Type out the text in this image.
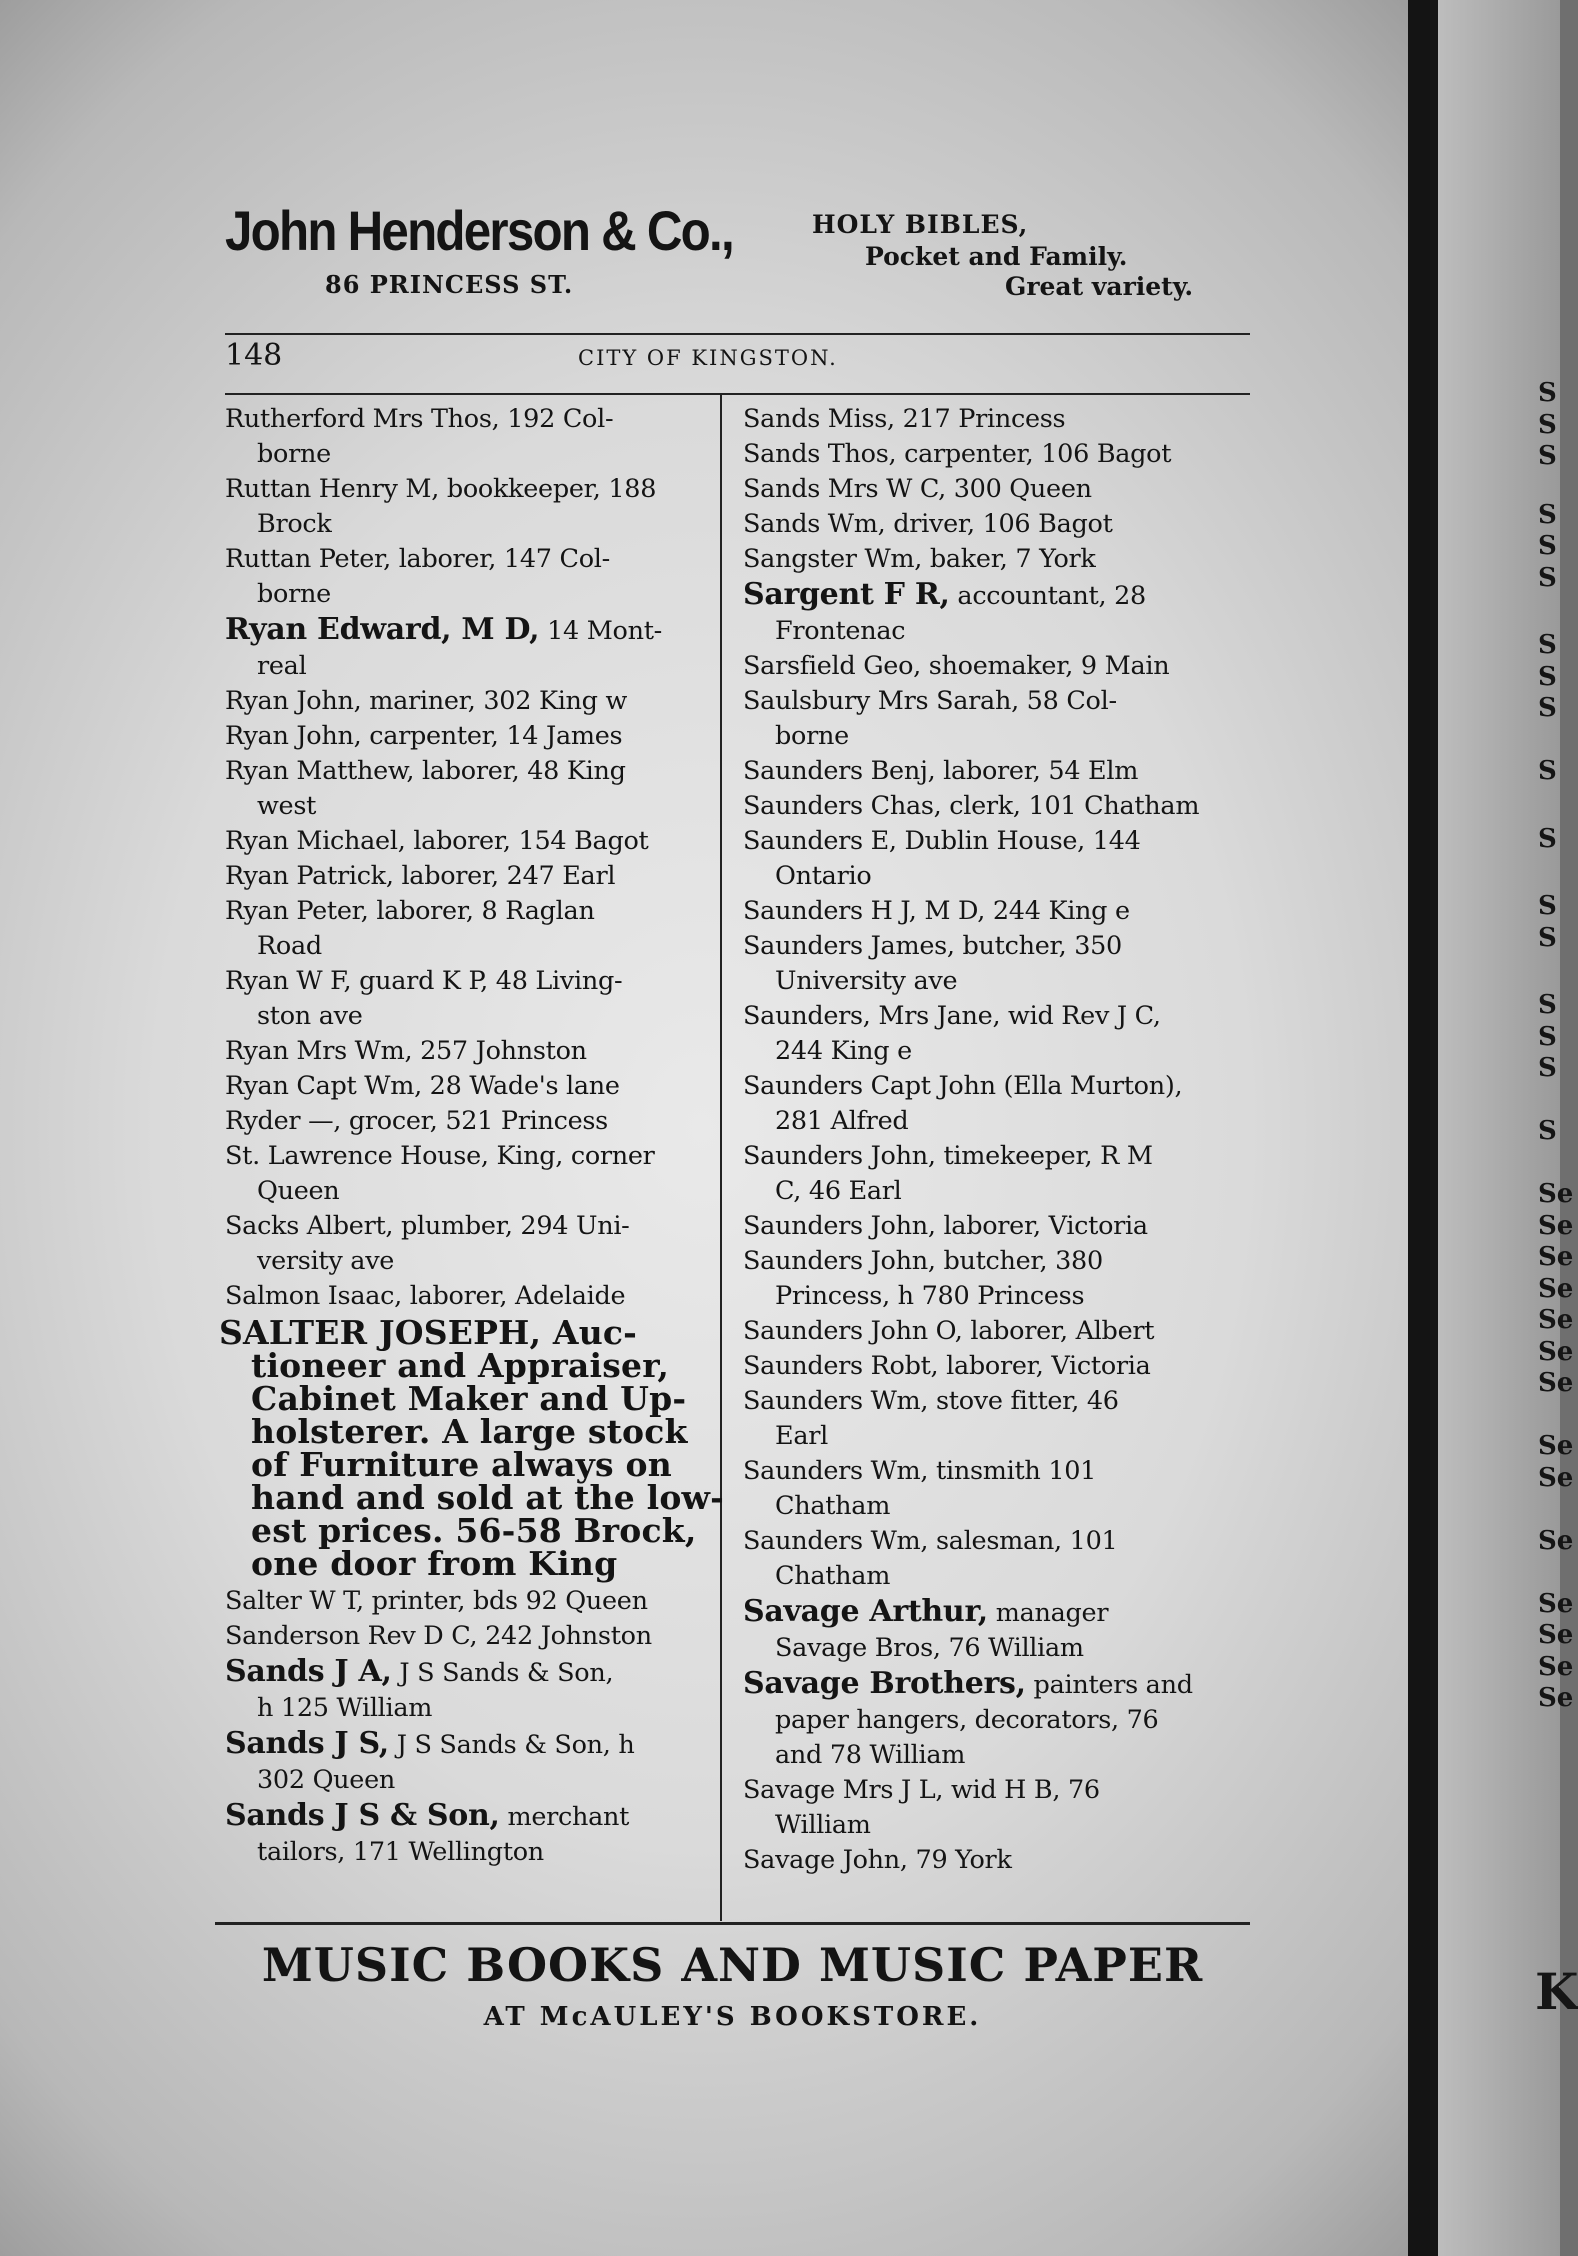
John Henderson & Co.,
86 PRINCESS ST.
HOLY BIBLES,
Pocket and Family.
Great variety.
148	CITY OF KINGSTON.
Rutherford Mrs Thos, 192 Col-
borne
Ruttan Henry M, bookkeeper, 188
Brock
Ruttan Peter, laborer, 147 Col-
borne
Ryan Edward, M D, 14 Mont-
real
Ryan John, mariner, 302 King w
Ryan John, carpenter, 14 James
Ryan Matthew, laborer, 48 King
west
Ryan Michael, laborer, 154 Bagot
Ryan Patrick, laborer, 247 Earl
Ryan Peter, laborer, 8 Raglan
Road
Ryan W F, guard K P, 48 Living-
ston ave
Ryan Mrs Wm, 257 Johnston
Ryan Capt Wm, 28 Wade's lane
Ryder —, grocer, 521 Princess
St. Lawrence House, King, corner
Queen
Sacks Albert, plumber, 294 Uni-
versity ave
Salmon Isaac, laborer, Adelaide
SALTER JOSEPH, Auc-
tioneer and Appraiser,
Cabinet Maker and Up-
holsterer. A large stock
of Furniture always on
hand and sold at the low-
est prices. 56-58 Brock,
one door from King
Salter W T, printer, bds 92 Queen
Sanderson Rev D C, 242 Johnston
Sands J A, J S Sands & Son,
h 125 William
Sands J S, J S Sands & Son, h
302 Queen
Sands J S & Son, merchant
tailors, 171 Wellington
Sands Miss, 217 Princess
Sands Thos, carpenter, 106 Bagot
Sands Mrs W C, 300 Queen
Sands Wm, driver, 106 Bagot
Sangster Wm, baker, 7 York
Sargent F R, accountant, 28
Frontenac
Sarsfield Geo, shoemaker, 9 Main
Saulsbury Mrs Sarah, 58 Col-
borne
Saunders Benj, laborer, 54 Elm
Saunders Chas, clerk, 101 Chatham
Saunders E, Dublin House, 144
Ontario
Saunders H J, M D, 244 King e
Saunders James, butcher, 350
University ave
Saunders, Mrs Jane, wid Rev J C,
244 King e
Saunders Capt John (Ella Murton),
281 Alfred
Saunders John, timekeeper, R M
C, 46 Earl
Saunders John, laborer, Victoria
Saunders John, butcher, 380
Princess, h 780 Princess
Saunders John O, laborer, Albert
Saunders Robt, laborer, Victoria
Saunders Wm, stove fitter, 46
Earl
Saunders Wm, tinsmith 101
Chatham
Saunders Wm, salesman, 101
Chatham
Savage Arthur, manager
Savage Bros, 76 William
Savage Brothers, painters and
paper hangers, decorators, 76
and 78 William
Savage Mrs J L, wid H B, 76
William
Savage John, 79 York
MUSIC BOOKS AND MUSIC PAPER
AT McAULEY'S BOOKSTORE.
S
S
S
S
S
S
S
S
S
S
S
S
S
S
S
S
S
Se
Se
Se
Se
Se
Se
Se
Se
Se
Se
Se
Se
Se
Se
K
